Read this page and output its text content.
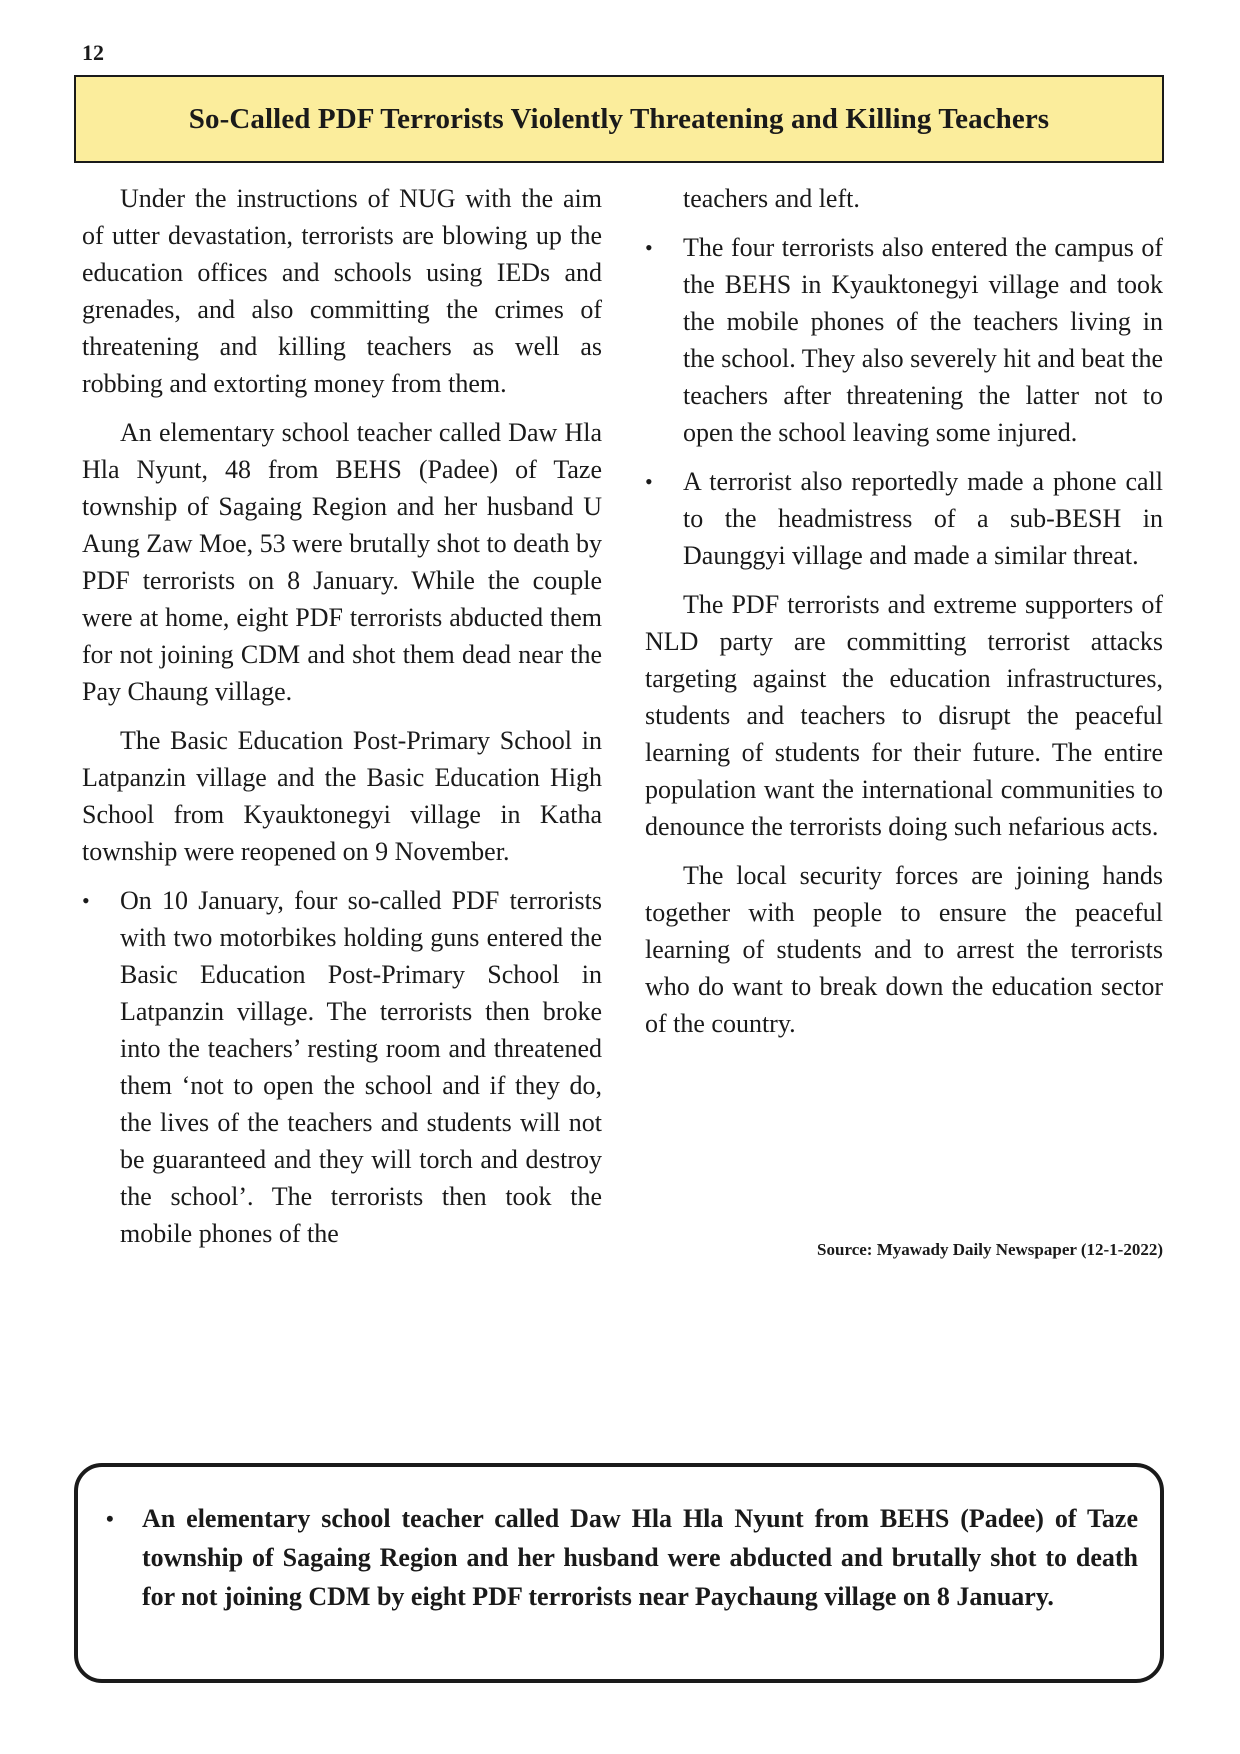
12
So-Called PDF Terrorists Violently Threatening and Killing Teachers

Under the instructions of NUG with the aim of utter devastation, terrorists are blowing up the education offices and schools using IEDs and grenades, and also committing the crimes of threatening and killing teachers as well as robbing and extorting money from them.

An elementary school teacher called Daw Hla Hla Nyunt, 48 from BEHS (Padee) of Taze township of Sagaing Region and her husband U Aung Zaw Moe, 53 were brutally shot to death by PDF terrorists on 8 January. While the couple were at home, eight PDF terrorists abducted them for not joining CDM and shot them dead near the Pay Chaung village.

The Basic Education Post-Primary School in Latpanzin village and the Basic Education High School from Kyauktonegyi village in Katha township were reopened on 9 November.

• On 10 January, four so-called PDF terrorists with two motorbikes holding guns entered the Basic Education Post-Primary School in Latpanzin village. The terrorists then broke into the teachers’ resting room and threatened them ‘not to open the school and if they do, the lives of the teachers and students will not be guaranteed and they will torch and destroy the school’. The terrorists then took the mobile phones of the

teachers and left.

• The four terrorists also entered the campus of the BEHS in Kyauktonegyi village and took the mobile phones of the teachers living in the school. They also severely hit and beat the teachers after threatening the latter not to open the school leaving some injured.
• A terrorist also reportedly made a phone call to the headmistress of a sub-BESH in Daunggyi village and made a similar threat.

The PDF terrorists and extreme supporters of NLD party are committing terrorist attacks targeting against the education infrastructures, students and teachers to disrupt the peaceful learning of students for their future. The entire population want the international communities to denounce the terrorists doing such nefarious acts.

The local security forces are joining hands together with people to ensure the peaceful learning of students and to arrest the terrorists who do want to break down the education sector of the country.

Source: Myawady Daily Newspaper (12-1-2022)
• An elementary school teacher called Daw Hla Hla Nyunt from BEHS (Padee) of Taze township of Sagaing Region and her husband were abducted and brutally shot to death for not joining CDM by eight PDF terrorists near Paychaung village on 8 January.
